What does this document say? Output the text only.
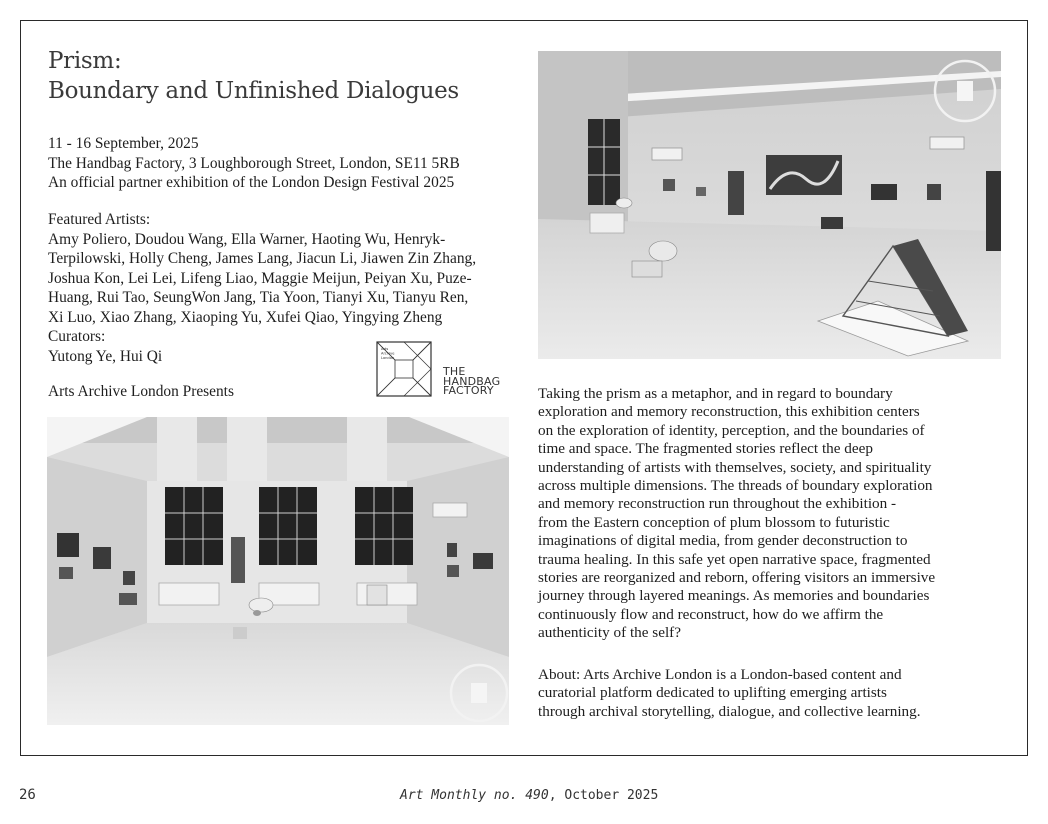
Prism:
Boundary and Unfinished Dialogues
11 - 16 September, 2025
The Handbag Factory, 3 Loughborough Street, London, SE11 5RB
An official partner exhibition of the London Design Festival 2025
Featured Artists:
Amy Poliero, Doudou Wang, Ella Warner, Haoting Wu, Henryk-
Terpilowski, Holly Cheng, James Lang, Jiacun Li, Jiawen Zin Zhang,
Joshua Kon, Lei Lei, Lifeng Liao, Maggie Meijun, Peiyan Xu, Puze-
Huang, Rui Tao, SeungWon Jang, Tia Yoon, Tianyi Xu, Tianyu Ren,
Xi Luo, Xiao Zhang, Xiaoping Yu, Xufei Qiao, Yingying Zheng
Curators:
Yutong Ye, Hui Qi
Arts Archive London Presents
Arts
Archive
London
THE
HANDBAG
FACTORY	Taking the prism as a metaphor, and in regard to boundary
exploration and memory reconstruction, this exhibition centers
on the exploration of identity, perception, and the boundaries of
time and space. The fragmented stories reflect the deep
understanding of artists with themselves, society, and spirituality
across multiple dimensions. The threads of boundary exploration
and memory reconstruction run throughout the exhibition -
from the Eastern conception of plum blossom to futuristic
imaginations of digital media, from gender deconstruction to
trauma healing. In this safe yet open narrative space, fragmented
stories are reorganized and reborn, offering visitors an immersive
journey through layered meanings. As memories and boundaries
continuously flow and reconstruct, how do we affirm the
authenticity of the self?
About: Arts Archive London is a London-based content and
curatorial platform dedicated to uplifting emerging artists
through archival storytelling, dialogue, and collective learning.
26	Art Monthly no. 490, October 2025
